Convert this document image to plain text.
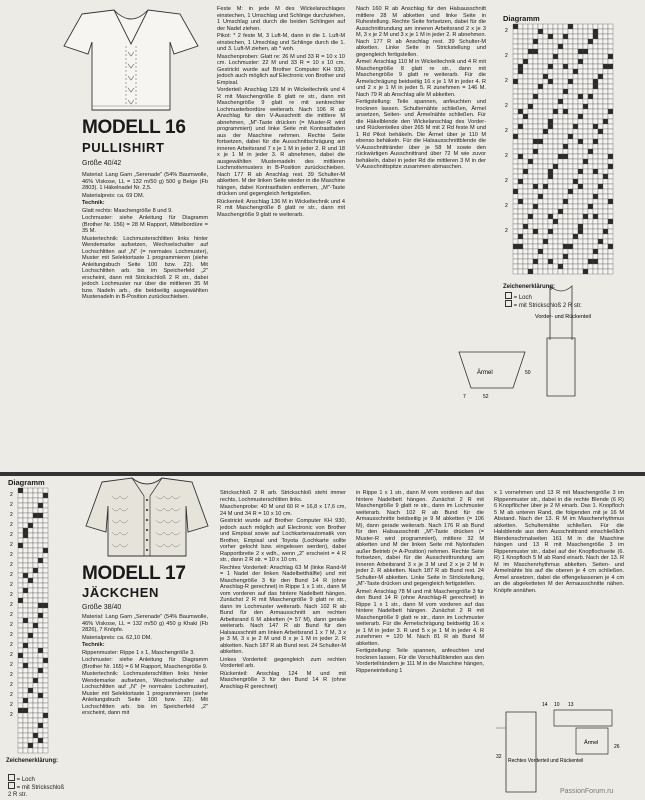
MODELL 16
PULLISHIRT
Größe 40/42

Material: Lang Garn „Serenade" (54% Baumwolle, 46% Viskose, LL = 132 m/50 g) 500 g Beige (Fb 2803). 1 Häkelnadel Nr. 2,5.

Materialpreis: ca. 69 DM.

Technik:

Glatt rechts: Maschengröße 8 und 9.

Lochmuster: siehe Anleitung für Diagramm (Brother Nr. 156) = 28 M Rapport, Mittelbordüre = 35 M.

Mustertechnik: Lochmusterschlitten links hinter Wendemarke aufsetzen, Wechselschalter auf Lochschlitten auf „N" (= normales Lochmuster), Muster mit Selektortaste 1 programmieren (siehe Anleitungsbuch Seite 100 bzw. 22). Mit Lochschlitten arb. bis im Speicherfeld „2" erscheint, dann mit Strickschloß 2 R str., dabei jedoch Lochmuster nur über die mittleren 35 M bzw. Nadeln arb., die beidseitig ausgewählten Mustenadeln in B-Position zurückschieben.

Feste M: in jede M des Wickelanschlages einstechen, 1 Umschlag und Schlinge durchziehen, 1 Umschlag und durch die beiden Schlingen auf der Nadel ziehen.

Pikot: * 2 feste M, 3 Luft-M, dann in die 1. Luft-M einstechen, 1 Umschlag und Schlinge durch die 1. und 3. Luft-M ziehen, ab * woh.

Maschenproben: Glatt re: 26 M und 33 R = 10 x 10 cm. Lochmuster: 22 M und 33 R = 10 x 10 cm. Gestrickt wurde auf Brother Computer KH 930, jedoch auch möglich auf Electronic von Brother und Empisal.

Vorderteil: Anschlag 129 M in Wickeltechnik und 4 R mit Maschengröße 8 glatt re str., dann mit Maschengröße 9 glatt re mit senkrechter Lochmusterbordüre weiterarb. Nach 106 R ab Anschlag für den V-Ausschnitt die mittlere M abnehmen, „M"-Taste drücken (= Muster-R wird programmiert) und linke Seite mit Kontrastfaden aus der Maschine nehmen. Rechte Seite fortsetzen, dabei für die Ausschnittschrägung am inneren Arbeitsrand 7 x je 1 M in jeder 2. R und 18 x je 1 M in jeder 3. R abnehmen, dabei die ausgewählten Musternadeln des mittleren Lochmotivrnusters in B-Position zurückschieben. Nach 177 R ab Anschlag rest. 39 Schulter-M abketten. M der linken Seite wieder in die Maschine hängen, dabei Kontrastfaden entfernen, „M"-Taste drücken und gegengleich fertigstellen.

Rückenteil: Anschlag 136 M in Wickeltechnik und 4 R mit Maschengröße 8 glatt re str., dann mit Maschengröße 9 glatt re weiterarb.

Nach 160 R ab Anschlag für den Halsausschnitt mittlere 28 M abketten und linke Seite in Ruhestellung. Rechte Seite fortsetzen, dabei für die Ausschnittrundung am inneren Arbeitsrand 2 x je 3 M, 3 x je 2 M und 3 x je 1 M in jeder 2. R abnehmen. Nach 177 R ab Anschlag rest. 39 Schulter-M abketten. Linke Seite in Strickstellung und gegengleich fertigstellen.

Ärmel: Anschlag 110 M in Wickeltechnik und 4 R mit Maschengröße 8 glatt re str., dann mit Maschengröße 9 glatt re weiterarb. Für die Ärmelschrägung beidseitig 16 x je 1 M in jeder 4. R und 2 x je 1 M in jeder 5. R zunehmen = 146 M. Nach 79 R ab Anschlag alle M abketten.

Fertigstellung: Teile spannen, anfeuchten und trocknen lassen. Schulternähte schließen, Ärmel ansetzen, Seiten- und Ärmelnähte schließen. Für die Häkelblende den Wickelanschlag des Vorder- und Rückenteiles über 265 M mit 2 Rd feste M und 1 Rd Pikot behäkeln. Die Ärmel über je 110 M ebenso behäkeln. Für die Halsausschnittblende die V-Ausschnittränder über je 58 M sowie den rückwärtigen Ausschnittrand über 72 M wie zuvor behäkeln, dabei in jeder Rd die mittleren 3 M in der V-Ausschnittspitze zusammen abmaschen.

Vorder- und Rückenteil
Ärmel	50
52
7
Diagramm
2
2
2
2
2
2
2
2
2
Zeichenerklärung:
= Loch
= mit Strickschloß 2 R str.
Diagramm
2
2
2
2
2
2
2
2
2
2
2
2
2
2
2
2
2
2
2
2
2
2
2
Zeichenerklärung:
= Loch
= mit Strickschloß 2 R str.
MODELL 17
JÄCKCHEN
Größe 38/40

Material: Lang Garn „Serenade" (54% Baumwolle, 46% Viskose, LL = 132 m/50 g) 450 g Khaki (Fb 2826), 7 Knöpfe.

Materialpreis: ca. 62,10 DM.

Technik:

Rippenmuster: Rippe 1 x 1, Maschengröße 3.

Lochmuster: siehe Anleitung für Diagramm (Brother Nr. 165) = 6 M Rapport, Maschengröße 9.

Mustertechnik: Lochmusterschlitten links hinter Wendemarke aufsetzen, Wechselschalter auf Lochschlitten auf „N" (= normales Lochmuster), Muster mit Selektortaste 1 programmieren (siehe Anleitungsbuch Seite 100 bzw. 22). Mit Lochschlitten arb. bis im Speicherfeld „2" erscheint, dann mit

Strickschloß 2 R arb. Strickschloß steht immer rechts, Lochmusterschlitten links.

Maschenprobe: 40 M und 60 R = 16,8 x 17,6 cm, 24 M und 34 R = 10 x 10 cm.

Gestrickt wurde auf Brother Computer KH 930, jedoch auch möglich auf Electronic von Brother und Empisal sowie auf Lochkartenautomatik von Brother, Empisal und Toyota (Lochkarte sollte vorher gelocht bzw. eingelesen werden), dabei Rapportbreite 2 x wdh., wenn „2" erscheint = 4 R str., dann 2 R str. = 10 x 10 cm.

Rechtes Vorderteil: Anschlag 63 M (linke Rand-M = 1 Nadel der linken Nadelbetthälfte) und mit Maschengröße 3 für den Bund 14 R (ohne Anschlag-R gerechnet) in Rippe 1 x 1 str., dann M vom vorderen auf das hintere Nadelbett hängen. Zunächst 2 R mit Maschengröße 9 glatt re str., dann im Lochmuster weiterarb. Nach 102 R ab Bund für den Armausschnitt am rechten Arbeitsrand 6 M abketten (= 57 M), dann gerade weiterarb. Nach 147 R ab Bund für den Halsausschnitt am linken Arbeitsrand 1 x 7 M, 3 x je 3 M, 3 x je 2 M und 8 x je 1 M in jeder 2. R abketten. Nach 187 R ab Bund rest. 24 Schulter-M abketten.

Linkes Vorderteil: gegengleich zum rechten Vorderteil arb.

Rückenteil: Anschlag 124 M und mit Maschengröße 3 für den Bund 14 R (ohne Anschlag-R gerechnet)

in Rippe 1 x 1 str., dann M vom vorderen auf das hintere Nadelbett hängen. Zunächst 2 R mit Maschengröße 9 glatt re str., dann im Lochmuster weiterarb. Nach 102 R ab Bund für die Armausschnitte beidseitig je 9 M abketten (= 106 M), dann gerade weiterarb. Nach 176 R ab Bund für den Halsausschnitt „M"-Taste drücken (= Muster-R wird programmiert), mittlere 32 M abketten und M der linken Seite mit Nylonfaden außer Betrieb (= A-Position) nehmen. Rechte Seite fortsetzen, dabei für die Ausschnittrundung am inneren Arbeitsrand 3 x je 3 M und 2 x je 2 M in jeder 2. R abketten. Nach 187 R ab Bund rest. 24 Schulter-M abketten. Linke Seite in Strickstellung, „M"-Taste drücken und gegengleich fertigstellen.

Ärmel: Anschlag 78 M und mit Maschengröße 3 für den Bund 14 R (ohne Anschlag-R gerechnet) in Rippe 1 x 1 str., dann M vom vorderen auf das hintere Nadelbett hängen. Zunächst 2 R mit Maschengröße 9 glatt re str., dann im Lochmuster weiterarb. Für die Ärmelschrägung beidseitig 16 x je 1 M in jeder 3. R und 5 x je 1 M in jeder 4. R zunehmen = 120 M. Nach 81 R ab Bund M abketten.

Fertigstellung: Teile spannen, anfeuchten und trocknen lassen. Für die Vorschlußblenden aus den Vorderteilrändern je 111 M in die Maschine hängen, Rippeneinteilung 1

x 1 vornehmen und 13 R mit Maschengröße 3 im Rippenmuster str., dabei in die rechte Blende (6 R) 6 Knopflöcher über je 2 M einarb. Das 1. Knopfloch 5 M ab unteren Rand, die folgenden mit je 16 M Abstand. Nach der 13. R M im Maschenrhythmus abketten. Schulternähte schließen. Für die Halsblende aus dem Ausschnittrand einschließlich Blendenschmalseiten 161 M in die Maschine hängen und 13 R mit Maschengröße 3 im Rippenmuster str., dabei auf der Knopflochseite (6. R) 1 Knopfloch 5 M ab Rand einarb. Nach der 13. R M im Maschenrhythmus abketten. Seiten- und Ärmelnähte bis auf die oberen je 4 cm schließen. Ärmel ansetzen, dabei die offengelassenen je 4 cm an die abgeketteten M der Armausschnitte nähen. Knöpfe annähen.

Ärmel
Rechtes Vorderteil und Rückenteil
14 10 13
26
32
PassionForum.ru
